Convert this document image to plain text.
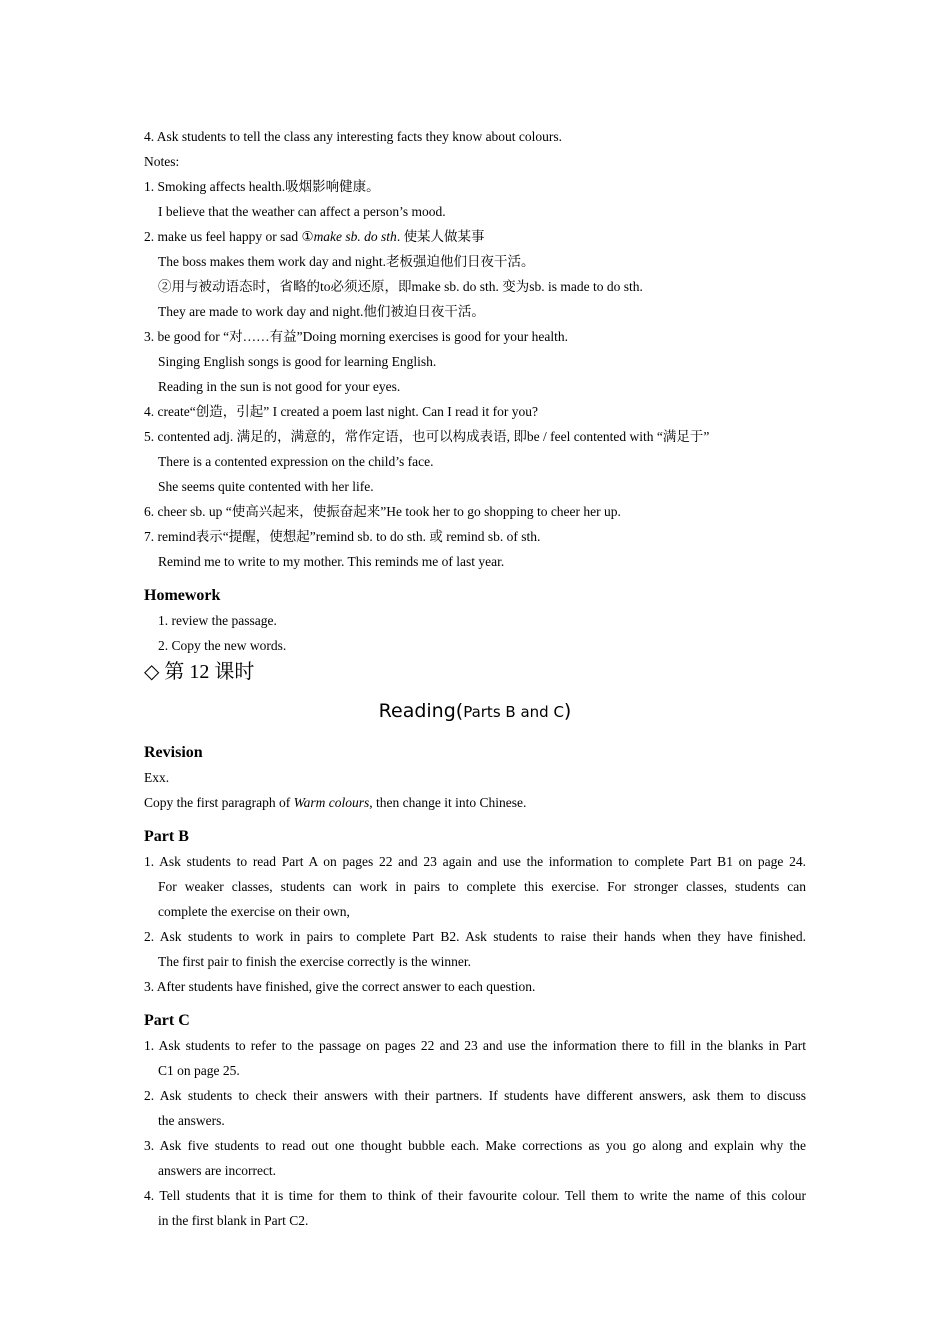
4. Ask students to tell the class any interesting facts they know about colours.
Notes:
1. Smoking affects health.吸烟影响健康。
I believe that the weather can affect a person’s mood.
2. make us feel happy or sad ①make sb. do sth. 使某人做某事
The boss makes them work day and night.老板强迫他们日夜干活。
②用与被动语态时，省略的to必须还原，即make sb. do sth. 变为sb. is made to do sth.
They are made to work day and night.他们被迫日夜干活。
3. be good for “对……有益”Doing morning exercises is good for your health.
Singing English songs is good for learning English.
Reading in the sun is not good for your eyes.
4. create“创造，引起” I created a poem last night. Can I read it for you?
5. contented adj. 满足的，满意的，常作定语，也可以构成表语, 即be / feel contented with “满足于”
There is a contented expression on the child’s face.
She seems quite contented with her life.
6. cheer sb. up “使高兴起来，使振奋起来”He took her to go shopping to cheer her up.
7. remind表示“提醒，使想起”remind sb. to do sth. 或 remind sb. of sth.
Remind me to write to my mother. This reminds me of last year.
Homework
1. review the passage.
2. Copy the new words.
◇ 第 12 课时
Reading(Parts B and C)
Revision
Exx.
Copy the first paragraph of Warm colours, then change it into Chinese.
Part B
1. Ask students to read Part A on pages 22 and 23 again and use the information to complete Part B1 on page 24.
For weaker classes, students can work in pairs to complete this exercise. For stronger classes, students can
complete the exercise on their own,
2. Ask students to work in pairs to complete Part B2. Ask students to raise their hands when they have finished.
The first pair to finish the exercise correctly is the winner.
3. After students have finished, give the correct answer to each question.
Part C
1. Ask students to refer to the passage on pages 22 and 23 and use the information there to fill in the blanks in Part
C1 on page 25.
2. Ask students to check their answers with their partners. If students have different answers, ask them to discuss
the answers.
3. Ask five students to read out one thought bubble each. Make corrections as you go along and explain why the
answers are incorrect.
4. Tell students that it is time for them to think of their favourite colour. Tell them to write the name of this colour
in the first blank in Part C2.
